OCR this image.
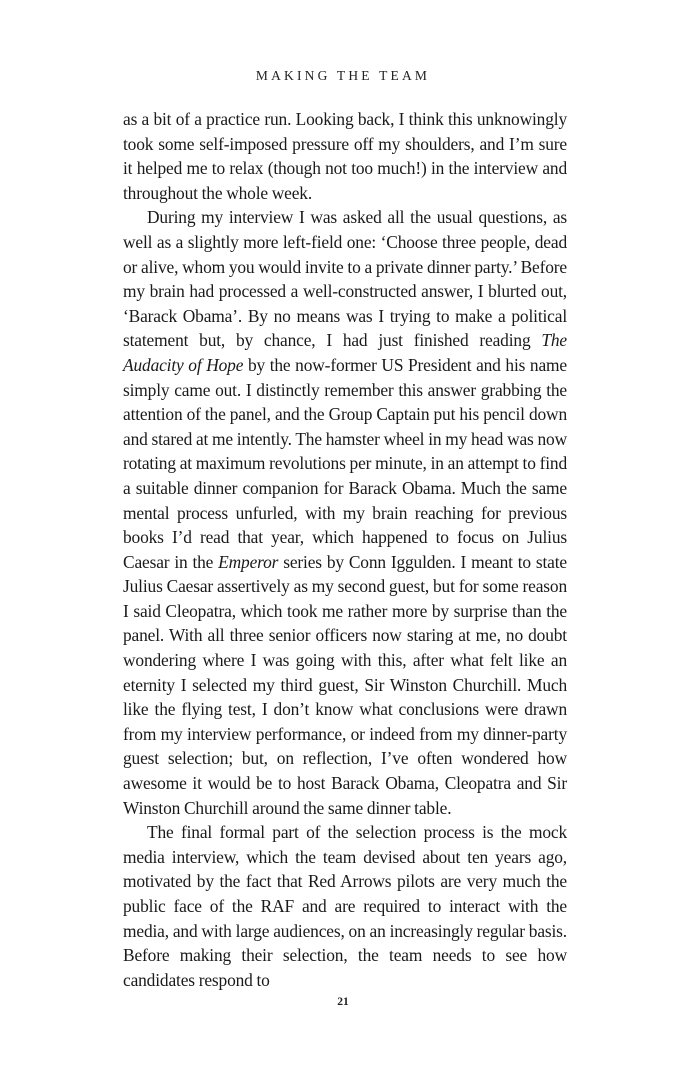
MAKING THE TEAM

as a bit of a practice run. Looking back, I think this unknowingly took some self-imposed pressure off my shoulders, and I’m sure it helped me to relax (though not too much!) in the interview and throughout the whole week.

During my interview I was asked all the usual questions, as well as a slightly more left-field one: ‘Choose three people, dead or alive, whom you would invite to a private dinner party.’ Before my brain had processed a well-constructed answer, I blurted out, ‘Barack Obama’. By no means was I trying to make a political statement but, by chance, I had just finished reading The Audacity of Hope by the now-former US President and his name simply came out. I distinctly remember this answer grabbing the attention of the panel, and the Group Captain put his pencil down and stared at me intently. The hamster wheel in my head was now rotating at maximum revolutions per minute, in an attempt to find a suitable dinner companion for Barack Obama. Much the same mental process unfurled, with my brain reaching for previous books I’d read that year, which happened to focus on Julius Caesar in the Emperor series by Conn Iggulden. I meant to state Julius Caesar assertively as my second guest, but for some reason I said Cleopatra, which took me rather more by surprise than the panel. With all three senior officers now staring at me, no doubt wondering where I was going with this, after what felt like an eternity I selected my third guest, Sir Winston Churchill. Much like the flying test, I don’t know what conclusions were drawn from my interview performance, or indeed from my dinner-party guest selection; but, on reflection, I’ve often wondered how awesome it would be to host Barack Obama, Cleopatra and Sir Winston Churchill around the same dinner table.

The final formal part of the selection process is the mock media interview, which the team devised about ten years ago, motivated by the fact that Red Arrows pilots are very much the public face of the RAF and are required to interact with the media, and with large audiences, on an increasingly regular basis. Before making their selection, the team needs to see how candidates respond to

21
